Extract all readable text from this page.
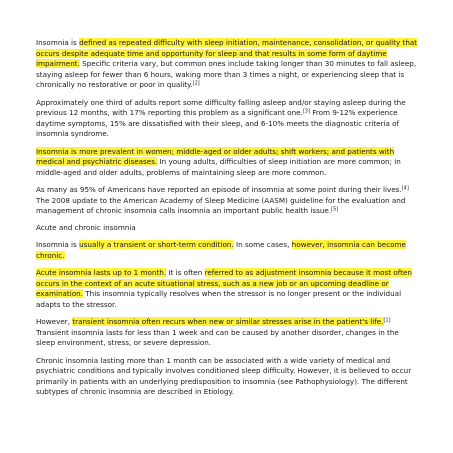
Insomnia is defined as repeated difficulty with sleep initiation, maintenance, consolidation, or quality that occurs despite adequate time and opportunity for sleep and that results in some form of daytime impairment. Specific criteria vary, but common ones include taking longer than 30 minutes to fall asleep, staying asleep for fewer than 6 hours, waking more than 3 times a night, or experiencing sleep that is chronically no restorative or poor in quality.[2]

Approximately one third of adults report some difficulty falling asleep and/or staying asleep during the previous 12 months, with 17% reporting this problem as a significant one.[3] From 9-12% experience daytime symptoms, 15% are dissatisfied with their sleep, and 6-10% meets the diagnostic criteria of insomnia syndrome.

Insomnia is more prevalent in women; middle-aged or older adults; shift workers; and patients with medical and psychiatric diseases. In young adults, difficulties of sleep initiation are more common; in middle-aged and older adults, problems of maintaining sleep are more common.

As many as 95% of Americans have reported an episode of insomnia at some point during their lives.[4] The 2008 update to the American Academy of Sleep Medicine (AASM) guideline for the evaluation and management of chronic insomnia calls insomnia an important public health issue.[5]

Acute and chronic insomnia

Insomnia is usually a transient or short-term condition. In some cases, however, insomnia can become chronic.

Acute insomnia lasts up to 1 month. It is often referred to as adjustment insomnia because it most often occurs in the context of an acute situational stress, such as a new job or an upcoming deadline or examination. This insomnia typically resolves when the stressor is no longer present or the individual adapts to the stressor.

However, transient insomnia often recurs when new or similar stresses arise in the patient's life.[1] Transient insomnia lasts for less than 1 week and can be caused by another disorder, changes in the sleep environment, stress, or severe depression.

Chronic insomnia lasting more than 1 month can be associated with a wide variety of medical and psychiatric conditions and typically involves conditioned sleep difficulty. However, it is believed to occur primarily in patients with an underlying predisposition to insomnia (see Pathophysiology). The different subtypes of chronic insomnia are described in Etiology.
